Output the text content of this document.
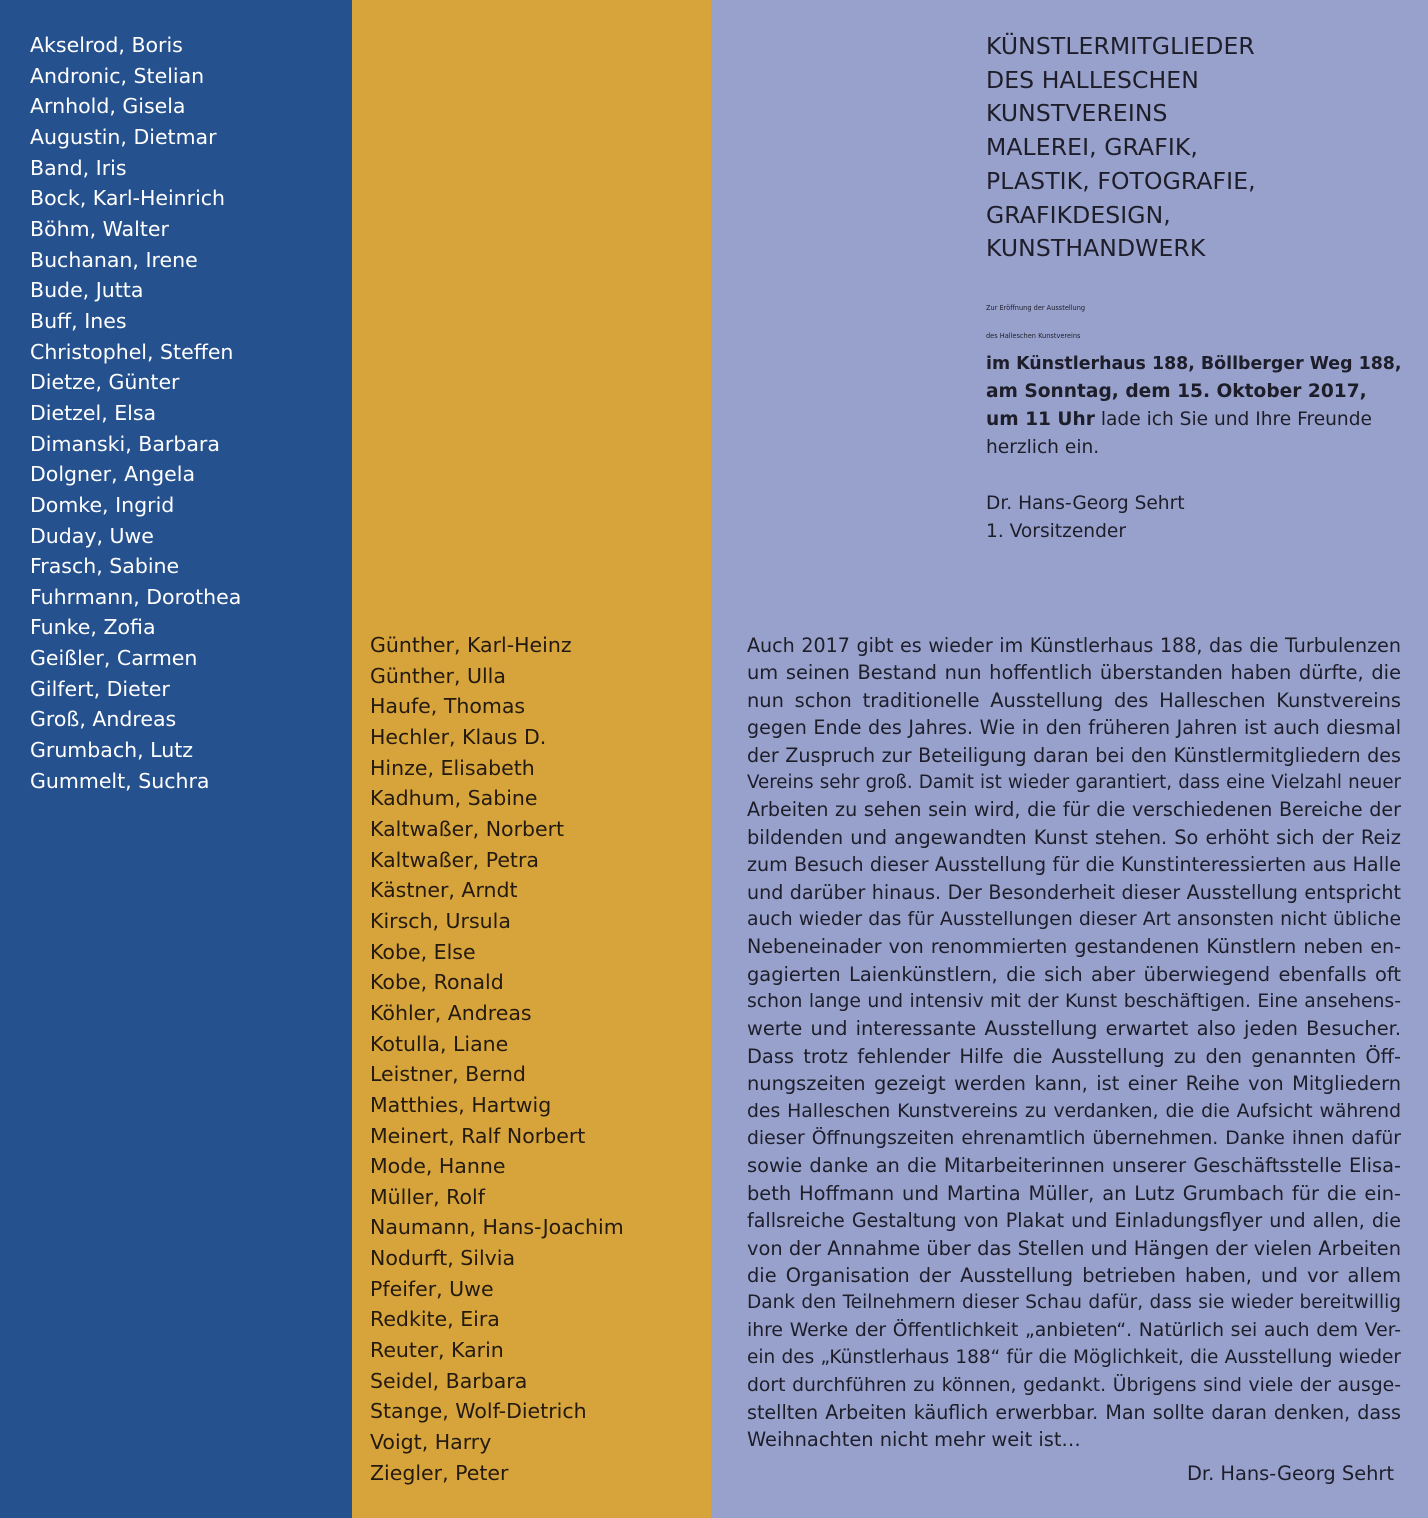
Akselrod, Boris
Andronic, Stelian
Arnhold, Gisela
Augustin, Dietmar
Band, Iris
Bock, Karl-Heinrich
Böhm, Walter
Buchanan, Irene
Bude, Jutta
Buff, Ines
Christophel, Steffen
Dietze, Günter
Dietzel, Elsa
Dimanski, Barbara
Dolgner, Angela
Domke, Ingrid
Duday, Uwe
Frasch, Sabine
Fuhrmann, Dorothea
Funke, Zofia
Geißler, Carmen
Gilfert, Dieter
Groß, Andreas
Grumbach, Lutz
Gummelt, Suchra
Günther, Karl-Heinz
Günther, Ulla
Haufe, Thomas
Hechler, Klaus D.
Hinze, Elisabeth
Kadhum, Sabine
Kaltwaßer, Norbert
Kaltwaßer, Petra
Kästner, Arndt
Kirsch, Ursula
Kobe, Else
Kobe, Ronald
Köhler, Andreas
Kotulla, Liane
Leistner, Bernd
Matthies, Hartwig
Meinert, Ralf Norbert
Mode, Hanne
Müller, Rolf
Naumann, Hans-Joachim
Nodurft, Silvia
Pfeifer, Uwe
Redkite, Eira
Reuter, Karin
Seidel, Barbara
Stange, Wolf-Dietrich
Voigt, Harry
Ziegler, Peter
KÜNSTLERMITGLIEDER
DES HALLESCHEN
KUNSTVEREINS
MALEREI, GRAFIK,
PLASTIK, FOTOGRAFIE,
GRAFIKDESIGN,
KUNSTHANDWERK
Zur Eröffnung der Ausstellung
des Halleschen Kunstvereins
im Künstlerhaus 188, Böllberger Weg 188,
am Sonntag, dem 15. Oktober 2017,
um 11 Uhr lade ich Sie und Ihre Freunde
herzlich ein.
Dr. Hans-Georg Sehrt
1. Vorsitzender
Auch 2017 gibt es wieder im Künstlerhaus 188, das die Turbulenzen
um seinen Bestand nun hoffentlich überstanden haben dürfte, die
nun schon traditionelle Ausstellung des Halleschen Kunstvereins
gegen Ende des Jahres. Wie in den früheren Jahren ist auch diesmal
der Zuspruch zur Beteiligung daran bei den Künstlermitgliedern des
Vereins sehr groß. Damit ist wieder garantiert, dass eine Vielzahl neuer
Arbeiten zu sehen sein wird, die für die verschiedenen Bereiche der
bildenden und angewandten Kunst stehen. So erhöht sich der Reiz
zum Besuch dieser Ausstellung für die Kunstinteressierten aus Halle
und darüber hinaus. Der Besonderheit dieser Ausstellung entspricht
auch wieder das für Ausstellungen dieser Art ansonsten nicht übliche
Nebeneinader von renommierten gestandenen Künstlern neben en-
gagierten Laienkünstlern, die sich aber überwiegend ebenfalls oft
schon lange und intensiv mit der Kunst beschäftigen. Eine ansehens-
werte und interessante Ausstellung erwartet also jeden Besucher.
Dass trotz fehlender Hilfe die Ausstellung zu den genannten Öff-
nungszeiten gezeigt werden kann, ist einer Reihe von Mitgliedern
des Halleschen Kunstvereins zu verdanken, die die Aufsicht während
dieser Öffnungszeiten ehrenamtlich übernehmen. Danke ihnen dafür
sowie danke an die Mitarbeiterinnen unserer Geschäftsstelle Elisa-
beth Hoffmann und Martina Müller, an Lutz Grumbach für die ein-
fallsreiche Gestaltung von Plakat und Einladungsflyer und allen, die
von der Annahme über das Stellen und Hängen der vielen Arbeiten
die Organisation der Ausstellung betrieben haben, und vor allem
Dank den Teilnehmern dieser Schau dafür, dass sie wieder bereitwillig
ihre Werke der Öffentlichkeit „anbieten“. Natürlich sei auch dem Ver-
ein des „Künstlerhaus 188“ für die Möglichkeit, die Ausstellung wieder
dort durchführen zu können, gedankt. Übrigens sind viele der ausge-
stellten Arbeiten käuflich erwerbbar. Man sollte daran denken, dass
Weihnachten nicht mehr weit ist…
Dr. Hans-Georg Sehrt
